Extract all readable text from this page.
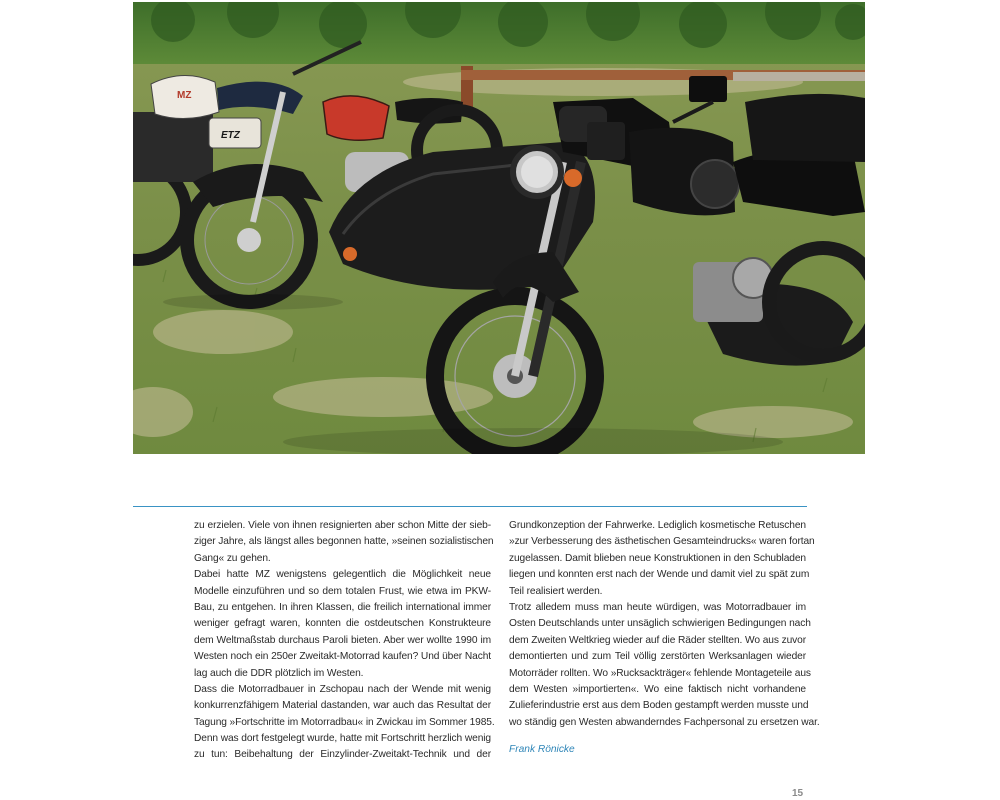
MZ
ETZ
zu erzielen. Viele von ihnen resignierten aber schon Mitte der sieb-
ziger Jahre, als längst alles begonnen hatte, »seinen sozialistischen
Gang« zu gehen.
Dabei hatte MZ wenigstens gelegentlich die Möglichkeit neue
Modelle einzuführen und so dem totalen Frust, wie etwa im PKW-
Bau, zu entgehen. In ihren Klassen, die freilich international immer
weniger gefragt waren, konnten die ostdeutschen Konstrukteure
dem Weltmaßstab durchaus Paroli bieten. Aber wer wollte 1990 im
Westen noch ein 250er Zweitakt-Motorrad kaufen? Und über Nacht
lag auch die DDR plötzlich im Westen.
Dass die Motorradbauer in Zschopau nach der Wende mit wenig
konkurrenzfähigem Material dastanden, war auch das Resultat der
Tagung »Fortschritte im Motorradbau« in Zwickau im Sommer 1985.
Denn was dort festgelegt wurde, hatte mit Fortschritt herzlich wenig
zu tun: Beibehaltung der Einzylinder-Zweitakt-Technik und der
Grundkonzeption der Fahrwerke. Lediglich kosmetische Retuschen
»zur Verbesserung des ästhetischen Gesamteindrucks« waren fortan
zugelassen. Damit blieben neue Konstruktionen in den Schubladen
liegen und konnten erst nach der Wende und damit viel zu spät zum
Teil realisiert werden.
Trotz alledem muss man heute würdigen, was Motorradbauer im
Osten Deutschlands unter unsäglich schwierigen Bedingungen nach
dem Zweiten Weltkrieg wieder auf die Räder stellten. Wo aus zuvor
demontierten und zum Teil völlig zerstörten Werksanlagen wieder
Motorräder rollten. Wo »Rucksackträger« fehlende Montageteile aus
dem Westen »importierten«. Wo eine faktisch nicht vorhandene
Zulieferindustrie erst aus dem Boden gestampft werden musste und
wo ständig gen Westen abwanderndes Fachpersonal zu ersetzen war.
Frank Rönicke
15
